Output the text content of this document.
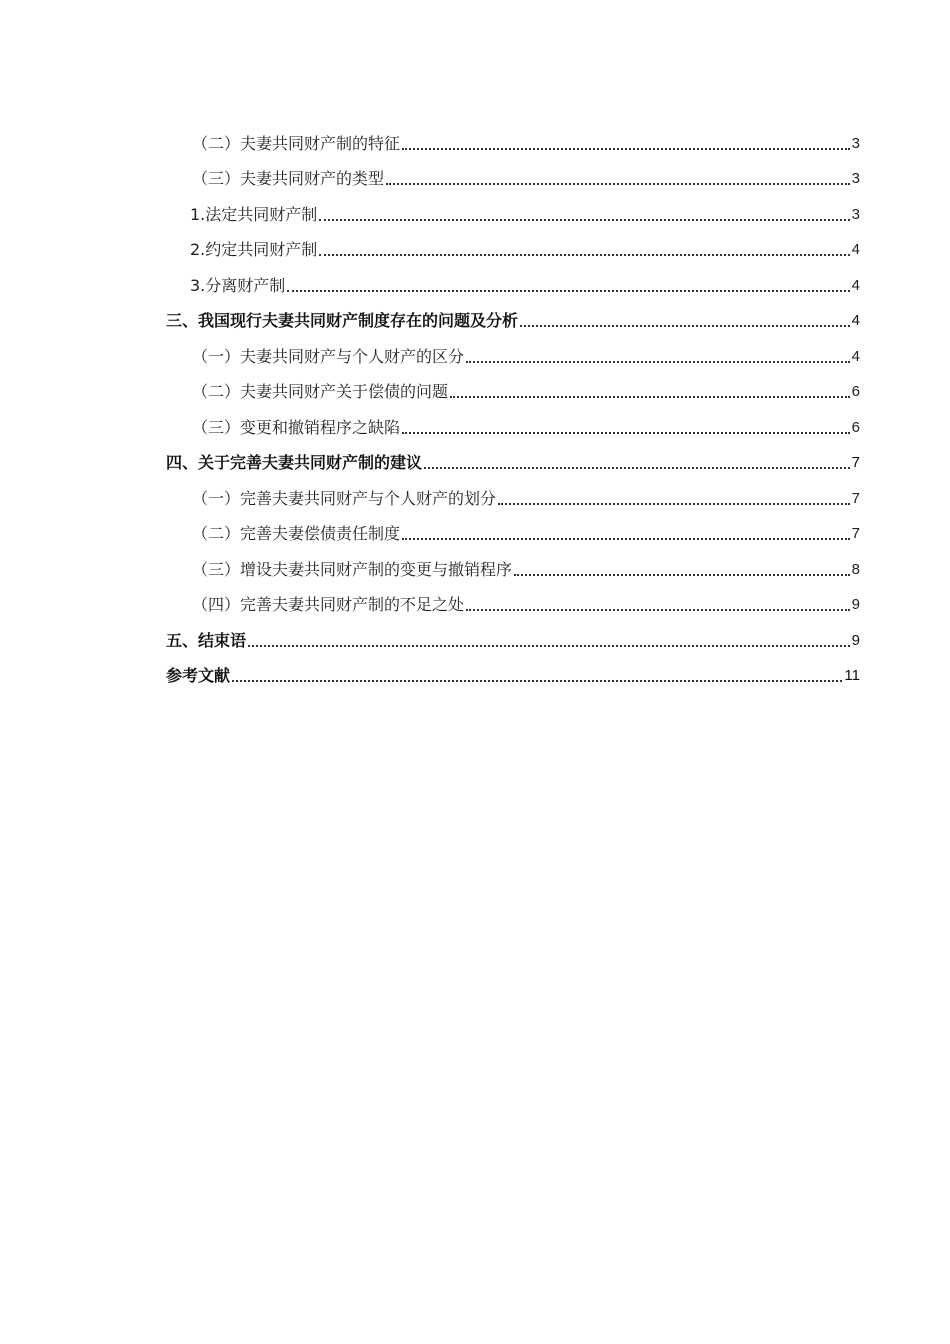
（二）夫妻共同财产制的特征	3
（三）夫妻共同财产的类型	3
1.法定共同财产制	3
2.约定共同财产制	4
3.分离财产制	4
三、我国现行夫妻共同财产制度存在的问题及分析	4
（一）夫妻共同财产与个人财产的区分	4
（二）夫妻共同财产关于偿债的问题	6
（三）变更和撤销程序之缺陷	6
四、关于完善夫妻共同财产制的建议	7
（一）完善夫妻共同财产与个人财产的划分	7
（二）完善夫妻偿债责任制度	7
（三）增设夫妻共同财产制的变更与撤销程序	8
（四）完善夫妻共同财产制的不足之处	9
五、结束语	9
参考文献	11
